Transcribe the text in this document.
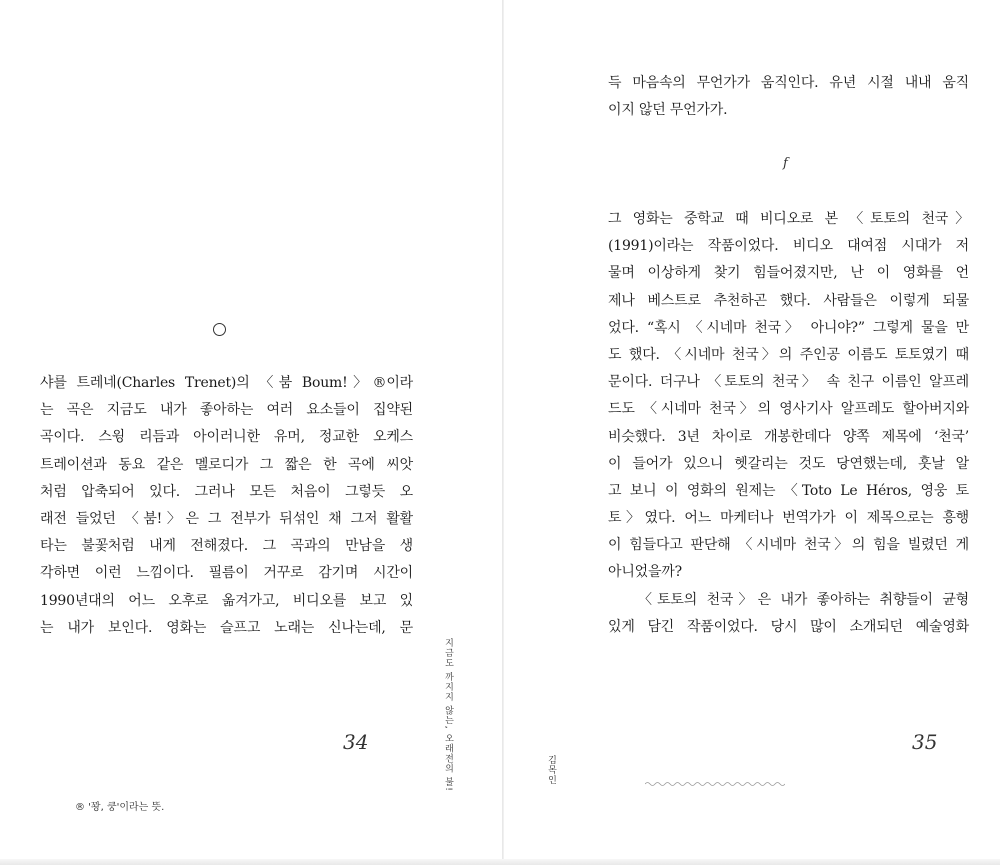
샤를 트레네(Charles Trenet)의 〈붐 Boum!〉®이라
는 곡은 지금도 내가 좋아하는 여러 요소들이 집약된
곡이다. 스윙 리듬과 아이러니한 유머, 정교한 오케스
트레이션과 동요 같은 멜로디가 그 짧은 한 곡에 씨앗
처럼 압축되어 있다. 그러나 모든 처음이 그렇듯 오
래전 들었던 〈붐!〉은 그 전부가 뒤섞인 채 그저 활활
타는 불꽃처럼 내게 전해졌다. 그 곡과의 만남을 생
각하면 이런 느낌이다. 필름이 거꾸로 감기며 시간이
1990년대의 어느 오후로 옮겨가고, 비디오를 보고 있
는 내가 보인다. 영화는 슬프고 노래는 신나는데, 문
34	지금도 까지지 않는, 오래전의 불!
® '꽝, 쿵'이라는 뜻.
득 마음속의 무언가가 움직인다. 유년 시절 내내 움직
이지 않던 무언가가.
f
그 영화는 중학교 때 비디오로 본 〈토토의 천국〉
(1991)이라는 작품이었다. 비디오 대여점 시대가 저
물며 이상하게 찾기 힘들어졌지만, 난 이 영화를 언
제나 베스트로 추천하곤 했다. 사람들은 이렇게 되물
었다. “혹시 〈시네마 천국〉 아니야?” 그렇게 물을 만
도 했다. 〈시네마 천국〉의 주인공 이름도 토토였기 때
문이다. 더구나 〈토토의 천국〉 속 친구 이름인 알프레
드도 〈시네마 천국〉의 영사기사 알프레도 할아버지와
비슷했다. 3년 차이로 개봉한데다 양쪽 제목에 ‘천국’
이 들어가 있으니 헷갈리는 것도 당연했는데, 훗날 알
고 보니 이 영화의 원제는 〈Toto Le Héros, 영웅 토
토〉였다. 어느 마케터나 번역가가 이 제목으로는 흥행
이 힘들다고 판단해 〈시네마 천국〉의 힘을 빌렸던 게
아니었을까?
〈토토의 천국〉은 내가 좋아하는 취향들이 균형
있게 담긴 작품이었다. 당시 많이 소개되던 예술영화
35
김목인
